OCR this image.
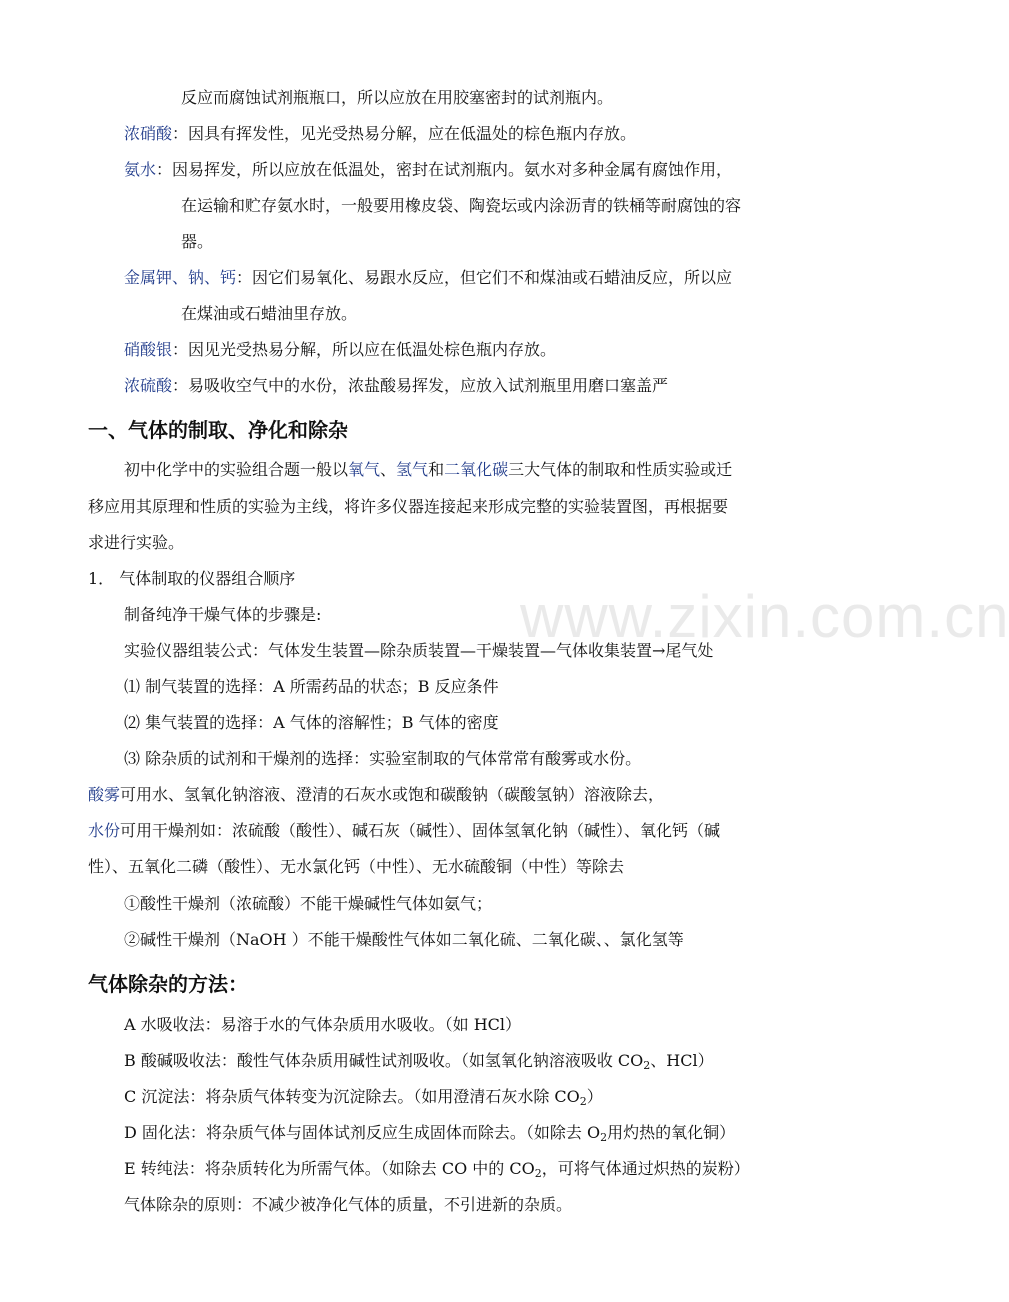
www.zixin.com.cn
反应而腐蚀试剂瓶瓶口，所以应放在用胶塞密封的试剂瓶内。
浓硝酸：因具有挥发性，见光受热易分解，应在低温处的棕色瓶内存放。
氨水：因易挥发，所以应放在低温处，密封在试剂瓶内。氨水对多种金属有腐蚀作用，
在运输和贮存氨水时，一般要用橡皮袋、陶瓷坛或内涂沥青的铁桶等耐腐蚀的容
器。
金属钾、钠、钙：因它们易氧化、易跟水反应，但它们不和煤油或石蜡油反应，所以应
在煤油或石蜡油里存放。
硝酸银：因见光受热易分解，所以应在低温处棕色瓶内存放。
浓硫酸：易吸收空气中的水份，浓盐酸易挥发，应放入试剂瓶里用磨口塞盖严
一、气体的制取、净化和除杂
初中化学中的实验组合题一般以氧气、氢气和二氧化碳三大气体的制取和性质实验或迁
移应用其原理和性质的实验为主线，将许多仪器连接起来形成完整的实验装置图，再根据要
求进行实验。
1． 气体制取的仪器组合顺序
制备纯净干燥气体的步骤是:
实验仪器组装公式：气体发生装置—除杂质装置—干燥装置—气体收集装置→尾气处
⑴ 制气装置的选择：A 所需药品的状态；B 反应条件
⑵ 集气装置的选择：A 气体的溶解性；B 气体的密度
⑶ 除杂质的试剂和干燥剂的选择：实验室制取的气体常常有酸雾或水份。
酸雾可用水、氢氧化钠溶液、澄清的石灰水或饱和碳酸钠（碳酸氢钠）溶液除去，
水份可用干燥剂如：浓硫酸（酸性）、碱石灰（碱性）、固体氢氧化钠（碱性）、氧化钙（碱
性）、五氧化二磷（酸性）、无水氯化钙（中性）、无水硫酸铜（中性）等除去
①酸性干燥剂（浓硫酸）不能干燥碱性气体如氨气；
②碱性干燥剂（NaOH ）不能干燥酸性气体如二氧化硫、二氧化碳、、氯化氢等
气体除杂的方法：
A 水吸收法：易溶于水的气体杂质用水吸收。（如 HCl）
B 酸碱吸收法：酸性气体杂质用碱性试剂吸收。（如氢氧化钠溶液吸收 $CO_2$、HCl）
C 沉淀法：将杂质气体转变为沉淀除去。（如用澄清石灰水除 $CO_2$）
D 固化法：将杂质气体与固体试剂反应生成固体而除去。（如除去 $O_2$用灼热的氧化铜）
E 转纯法：将杂质转化为所需气体。（如除去 CO 中的 $CO_2$，可将气体通过炽热的炭粉）
气体除杂的原则：不减少被净化气体的质量，不引进新的杂质。
